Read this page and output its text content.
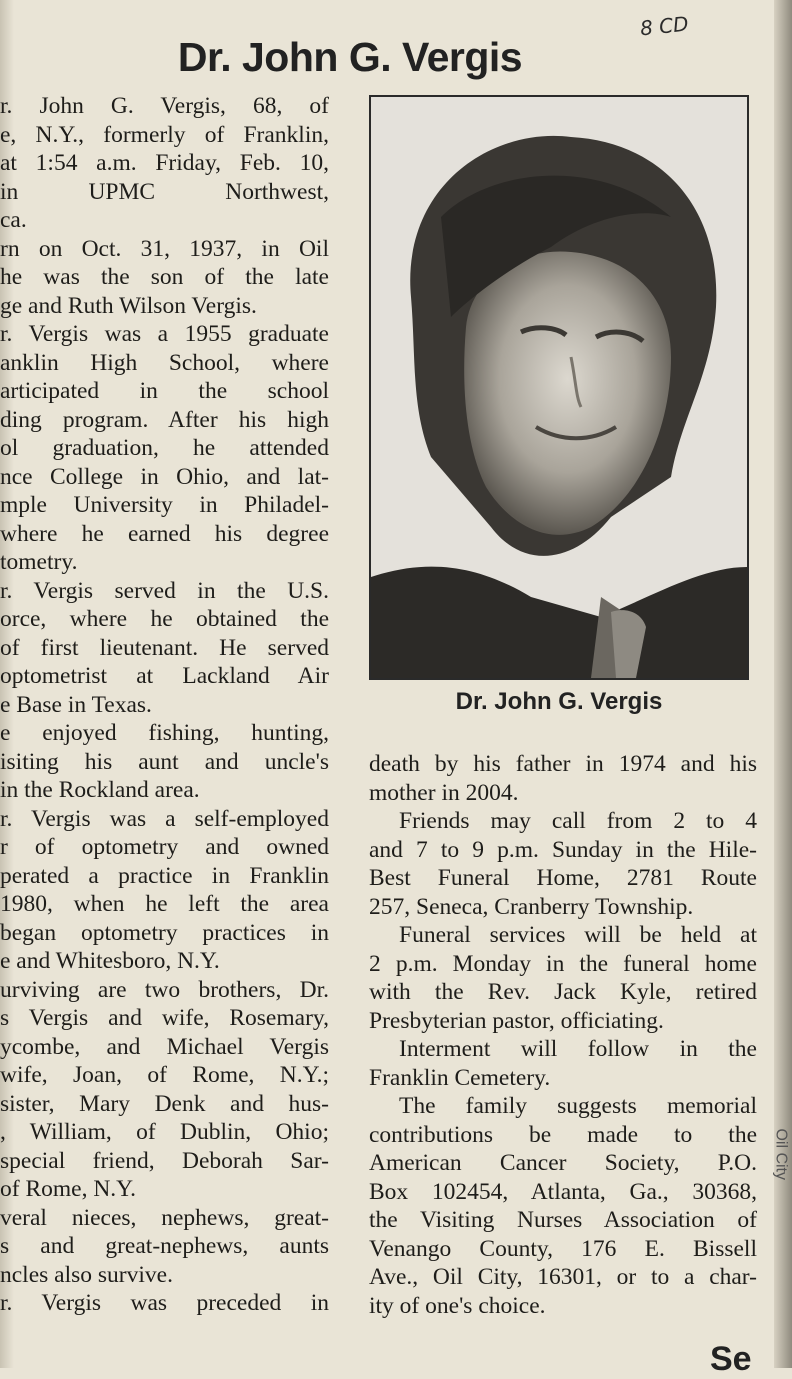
8 CD
Dr. John G. Vergis
r. John G. Vergis, 68, of
e, N.Y., formerly of Franklin,
at 1:54 a.m. Friday, Feb. 10,
in UPMC Northwest,
ca.
rn on Oct. 31, 1937, in Oil
he was the son of the late
ge and Ruth Wilson Vergis.
r. Vergis was a 1955 graduate
anklin High School, where
articipated in the school
ding program. After his high
ol graduation, he attended
nce College in Ohio, and lat-
mple University in Philadel-
where he earned his degree
tometry.
r. Vergis served in the U.S.
orce, where he obtained the
of first lieutenant. He served
optometrist at Lackland Air
e Base in Texas.
e enjoyed fishing, hunting,
isiting his aunt and uncle's
in the Rockland area.
r. Vergis was a self-employed
r of optometry and owned
perated a practice in Franklin
1980, when he left the area
began optometry practices in
e and Whitesboro, N.Y.
urviving are two brothers, Dr.
s Vergis and wife, Rosemary,
ycombe, and Michael Vergis
wife, Joan, of Rome, N.Y.;
sister, Mary Denk and hus-
, William, of Dublin, Ohio;
special friend, Deborah Sar-
of Rome, N.Y.
veral nieces, nephews, great-
s and great-nephews, aunts
ncles also survive.
r. Vergis was preceded in
Dr. John G. Vergis
death by his father in 1974 and his
mother in 2004.
Friends may call from 2 to 4
and 7 to 9 p.m. Sunday in the Hile-
Best Funeral Home, 2781 Route
257, Seneca, Cranberry Township.
Funeral services will be held at
2 p.m. Monday in the funeral home
with the Rev. Jack Kyle, retired
Presbyterian pastor, officiating.
Interment will follow in the
Franklin Cemetery.
The family suggests memorial
contributions be made to the
American Cancer Society, P.O.
Box 102454, Atlanta, Ga., 30368,
the Visiting Nurses Association of
Venango County, 176 E. Bissell
Ave., Oil City, 16301, or to a char-
ity of one's choice.
Oil City
Se
